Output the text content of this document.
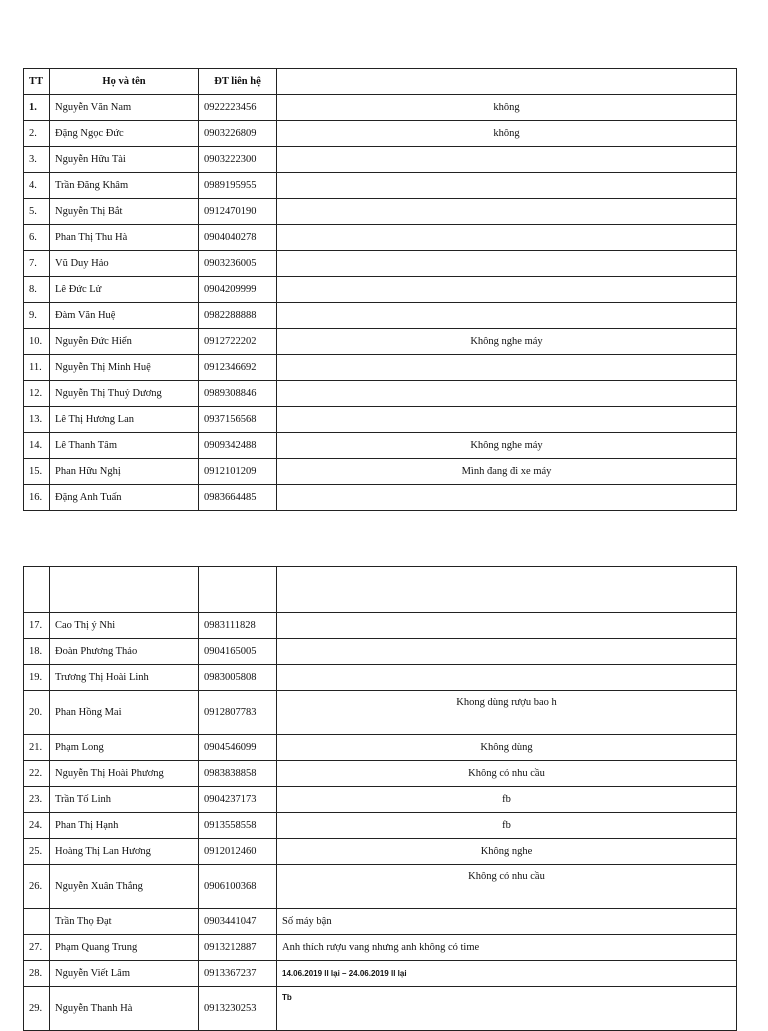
TT	Họ và tên	ĐT liên hệ	
1.	Nguyễn Văn Nam	0922223456	không
2.	Đặng Ngọc Đức	0903226809	không
3.	Nguyễn Hữu Tài	0903222300	
4.	Trần Đăng Khâm	0989195955	
5.	Nguyễn Thị Bắt	0912470190	
6.	Phan Thị Thu Hà	0904040278	
7.	Vũ Duy Hảo	0903236005	
8.	Lê Đức Lử	0904209999	
9.	Đàm Văn Huệ	0982288888	
10.	Nguyễn Đức Hiển	0912722202	Không nghe máy
11.	Nguyễn Thị Minh Huệ	0912346692	
12.	Nguyễn Thị Thuỷ Dương	0989308846	
13.	Lê Thị Hương Lan	0937156568	
14.	Lê Thanh Tâm	0909342488	Không nghe máy
15.	Phan Hữu Nghị	0912101209	Mình đang đi xe máy
16.	Đặng Anh Tuấn	0983664485	

17.	Cao Thị ý Nhi	0983111828	
18.	Đoàn Phương Thảo	0904165005	
19.	Trương Thị Hoài Linh	0983005808	
20.	Phan Hồng Mai	0912807783	Khong dùng rượu bao h
21.	Phạm Long	0904546099	Không dùng
22.	Nguyễn Thị Hoài Phương	0983838858	Không có nhu cầu
23.	Trần Tố Linh	0904237173	fb
24.	Phan Thị Hạnh	0913558558	fb
25.	Hoàng Thị Lan Hương	0912012460	Không nghe
26.	Nguyễn Xuân Thắng	0906100368	Không có nhu cầu
	Trần Thọ Đạt	0903441047	Số máy bận
27.	Phạm Quang Trung	0913212887	Anh thích rượu vang nhưng anh không có time
28.	Nguyễn Viết Lâm	0913367237	14.06.2019 ll lại – 24.06.2019 ll lại
29.	Nguyễn Thanh Hà	0913230253	Tb
